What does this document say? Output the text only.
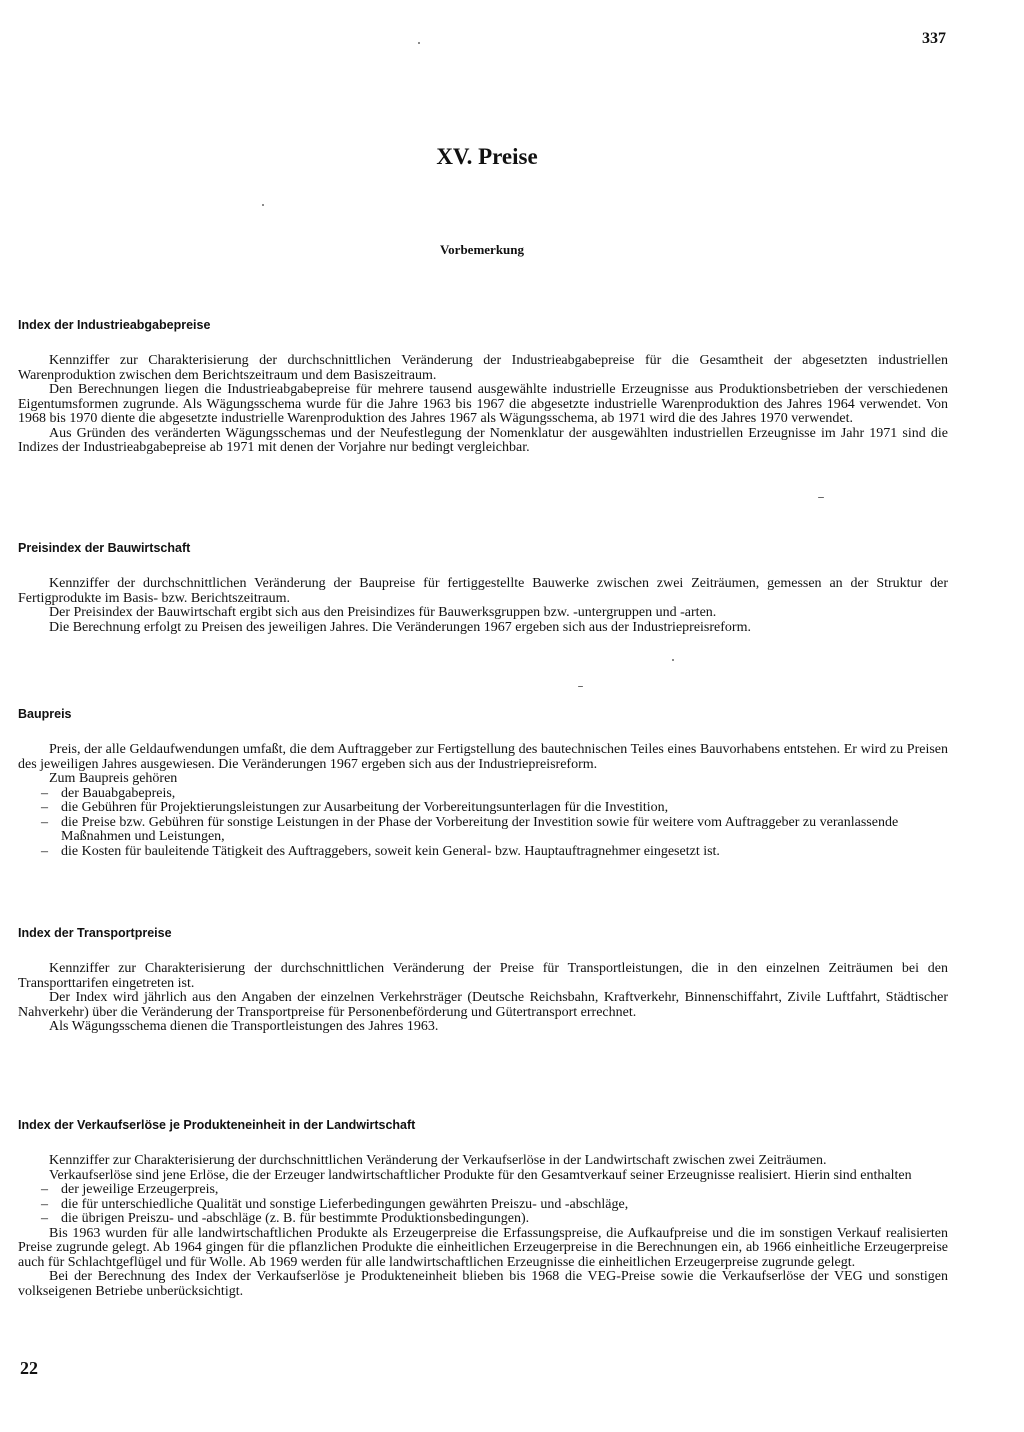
337
XV. Preise
Vorbemerkung

Index der Industrieabgabepreise

Kennziffer zur Charakterisierung der durchschnittlichen Veränderung der Industrieabgabepreise für die Gesamtheit der abgesetzten industriellen Warenproduktion zwischen dem Berichtszeitraum und dem Basiszeitraum.

Den Berechnungen liegen die Industrieabgabepreise für mehrere tausend ausgewählte industrielle Erzeugnisse aus Produktionsbetrieben der verschiedenen Eigentumsformen zugrunde. Als Wägungsschema wurde für die Jahre 1963 bis 1967 die abgesetzte industrielle Warenproduktion des Jahres 1964 verwendet. Von 1968 bis 1970 diente die abgesetzte industrielle Warenproduktion des Jahres 1967 als Wägungsschema, ab 1971 wird die des Jahres 1970 verwendet.

Aus Gründen des veränderten Wägungsschemas und der Neufestlegung der Nomenklatur der ausgewählten industriellen Erzeugnisse im Jahr 1971 sind die Indizes der Industrieabgabepreise ab 1971 mit denen der Vorjahre nur bedingt vergleichbar.

Preisindex der Bauwirtschaft

Kennziffer der durchschnittlichen Veränderung der Baupreise für fertiggestellte Bauwerke zwischen zwei Zeiträumen, gemessen an der Struktur der Fertigprodukte im Basis- bzw. Berichtszeitraum.

Der Preisindex der Bauwirtschaft ergibt sich aus den Preisindizes für Bauwerksgruppen bzw. -untergruppen und -arten.

Die Berechnung erfolgt zu Preisen des jeweiligen Jahres. Die Veränderungen 1967 ergeben sich aus der Industriepreisreform.

Baupreis

Preis, der alle Geldaufwendungen umfaßt, die dem Auftraggeber zur Fertigstellung des bautechnischen Teiles eines Bauvorhabens entstehen. Er wird zu Preisen des jeweiligen Jahres ausgewiesen. Die Veränderungen 1967 ergeben sich aus der Industriepreisreform.

Zum Baupreis gehören

– der Bauabgabepreis,

– die Gebühren für Projektierungsleistungen zur Ausarbeitung der Vorbereitungsunterlagen für die Investition,

– die Preise bzw. Gebühren für sonstige Leistungen in der Phase der Vorbereitung der Investition sowie für weitere vom Auftraggeber zu veranlassende Maßnahmen und Leistungen,

– die Kosten für bauleitende Tätigkeit des Auftraggebers, soweit kein General- bzw. Hauptauftragnehmer eingesetzt ist.

Index der Transportpreise

Kennziffer zur Charakterisierung der durchschnittlichen Veränderung der Preise für Transportleistungen, die in den einzelnen Zeiträumen bei den Transporttarifen eingetreten ist.

Der Index wird jährlich aus den Angaben der einzelnen Verkehrsträger (Deutsche Reichsbahn, Kraftverkehr, Binnenschiffahrt, Zivile Luftfahrt, Städtischer Nahverkehr) über die Veränderung der Transportpreise für Personenbeförderung und Gütertransport errechnet.

Als Wägungsschema dienen die Transportleistungen des Jahres 1963.

Index der Verkaufserlöse je Produkteneinheit in der Landwirtschaft

Kennziffer zur Charakterisierung der durchschnittlichen Veränderung der Verkaufserlöse in der Landwirtschaft zwischen zwei Zeiträumen.

Verkaufserlöse sind jene Erlöse, die der Erzeuger landwirtschaftlicher Produkte für den Gesamtverkauf seiner Erzeugnisse realisiert. Hierin sind enthalten

– der jeweilige Erzeugerpreis,

– die für unterschiedliche Qualität und sonstige Lieferbedingungen gewährten Preiszu- und -abschläge,

– die übrigen Preiszu- und -abschläge (z. B. für bestimmte Produktionsbedingungen).

Bis 1963 wurden für alle landwirtschaftlichen Produkte als Erzeugerpreise die Erfassungspreise, die Aufkaufpreise und die im sonstigen Verkauf realisierten Preise zugrunde gelegt. Ab 1964 gingen für die pflanzlichen Produkte die einheitlichen Erzeugerpreise in die Berechnungen ein, ab 1966 einheitliche Erzeugerpreise auch für Schlachtgeflügel und für Wolle. Ab 1969 werden für alle landwirtschaftlichen Erzeugnisse die einheitlichen Erzeugerpreise zugrunde gelegt.

Bei der Berechnung des Index der Verkaufserlöse je Produkteneinheit blieben bis 1968 die VEG-Preise sowie die Verkaufserlöse der VEG und sonstigen volkseigenen Betriebe unberücksichtigt.

22
